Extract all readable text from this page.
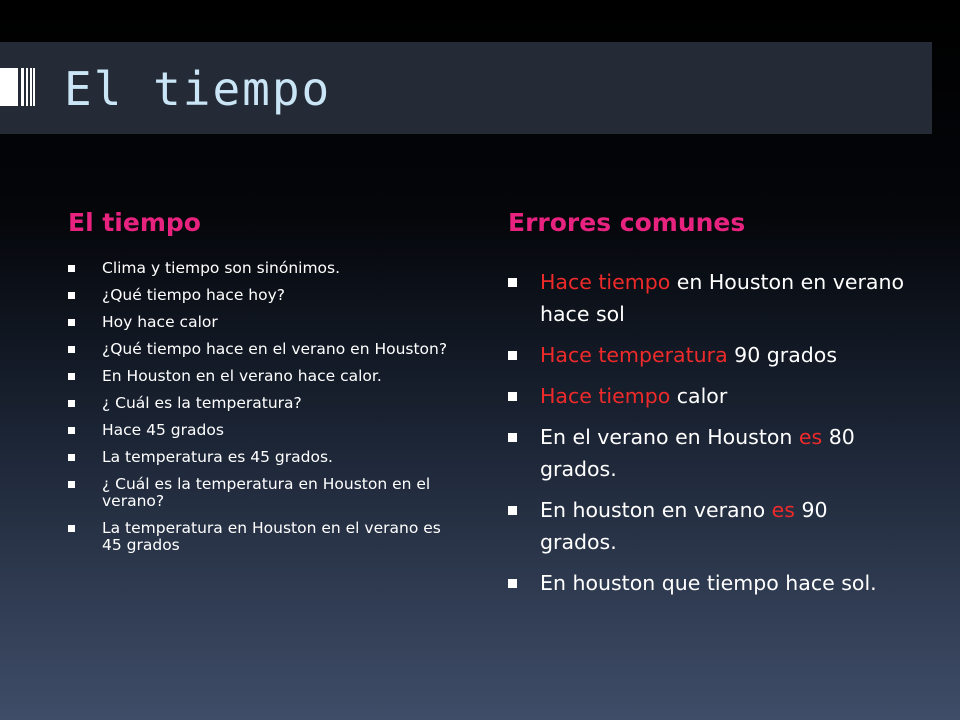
El tiempo
El tiempo	Errores comunes
Clima y tiempo son sinónimos.
¿Qué tiempo hace hoy?
Hoy hace calor
¿Qué tiempo hace en el verano en Houston?
En Houston en el verano hace calor.
¿ Cuál es la temperatura?
Hace 45 grados
La temperatura es 45 grados.
¿ Cuál es la temperatura en Houston en el verano?
La temperatura en Houston en el verano es 45 grados
Hace tiempo en Houston en verano hace sol
Hace temperatura 90 grados
Hace tiempo calor
En el verano en Houston es 80 grados.
En houston en verano es 90 grados.
En houston que tiempo hace sol.
